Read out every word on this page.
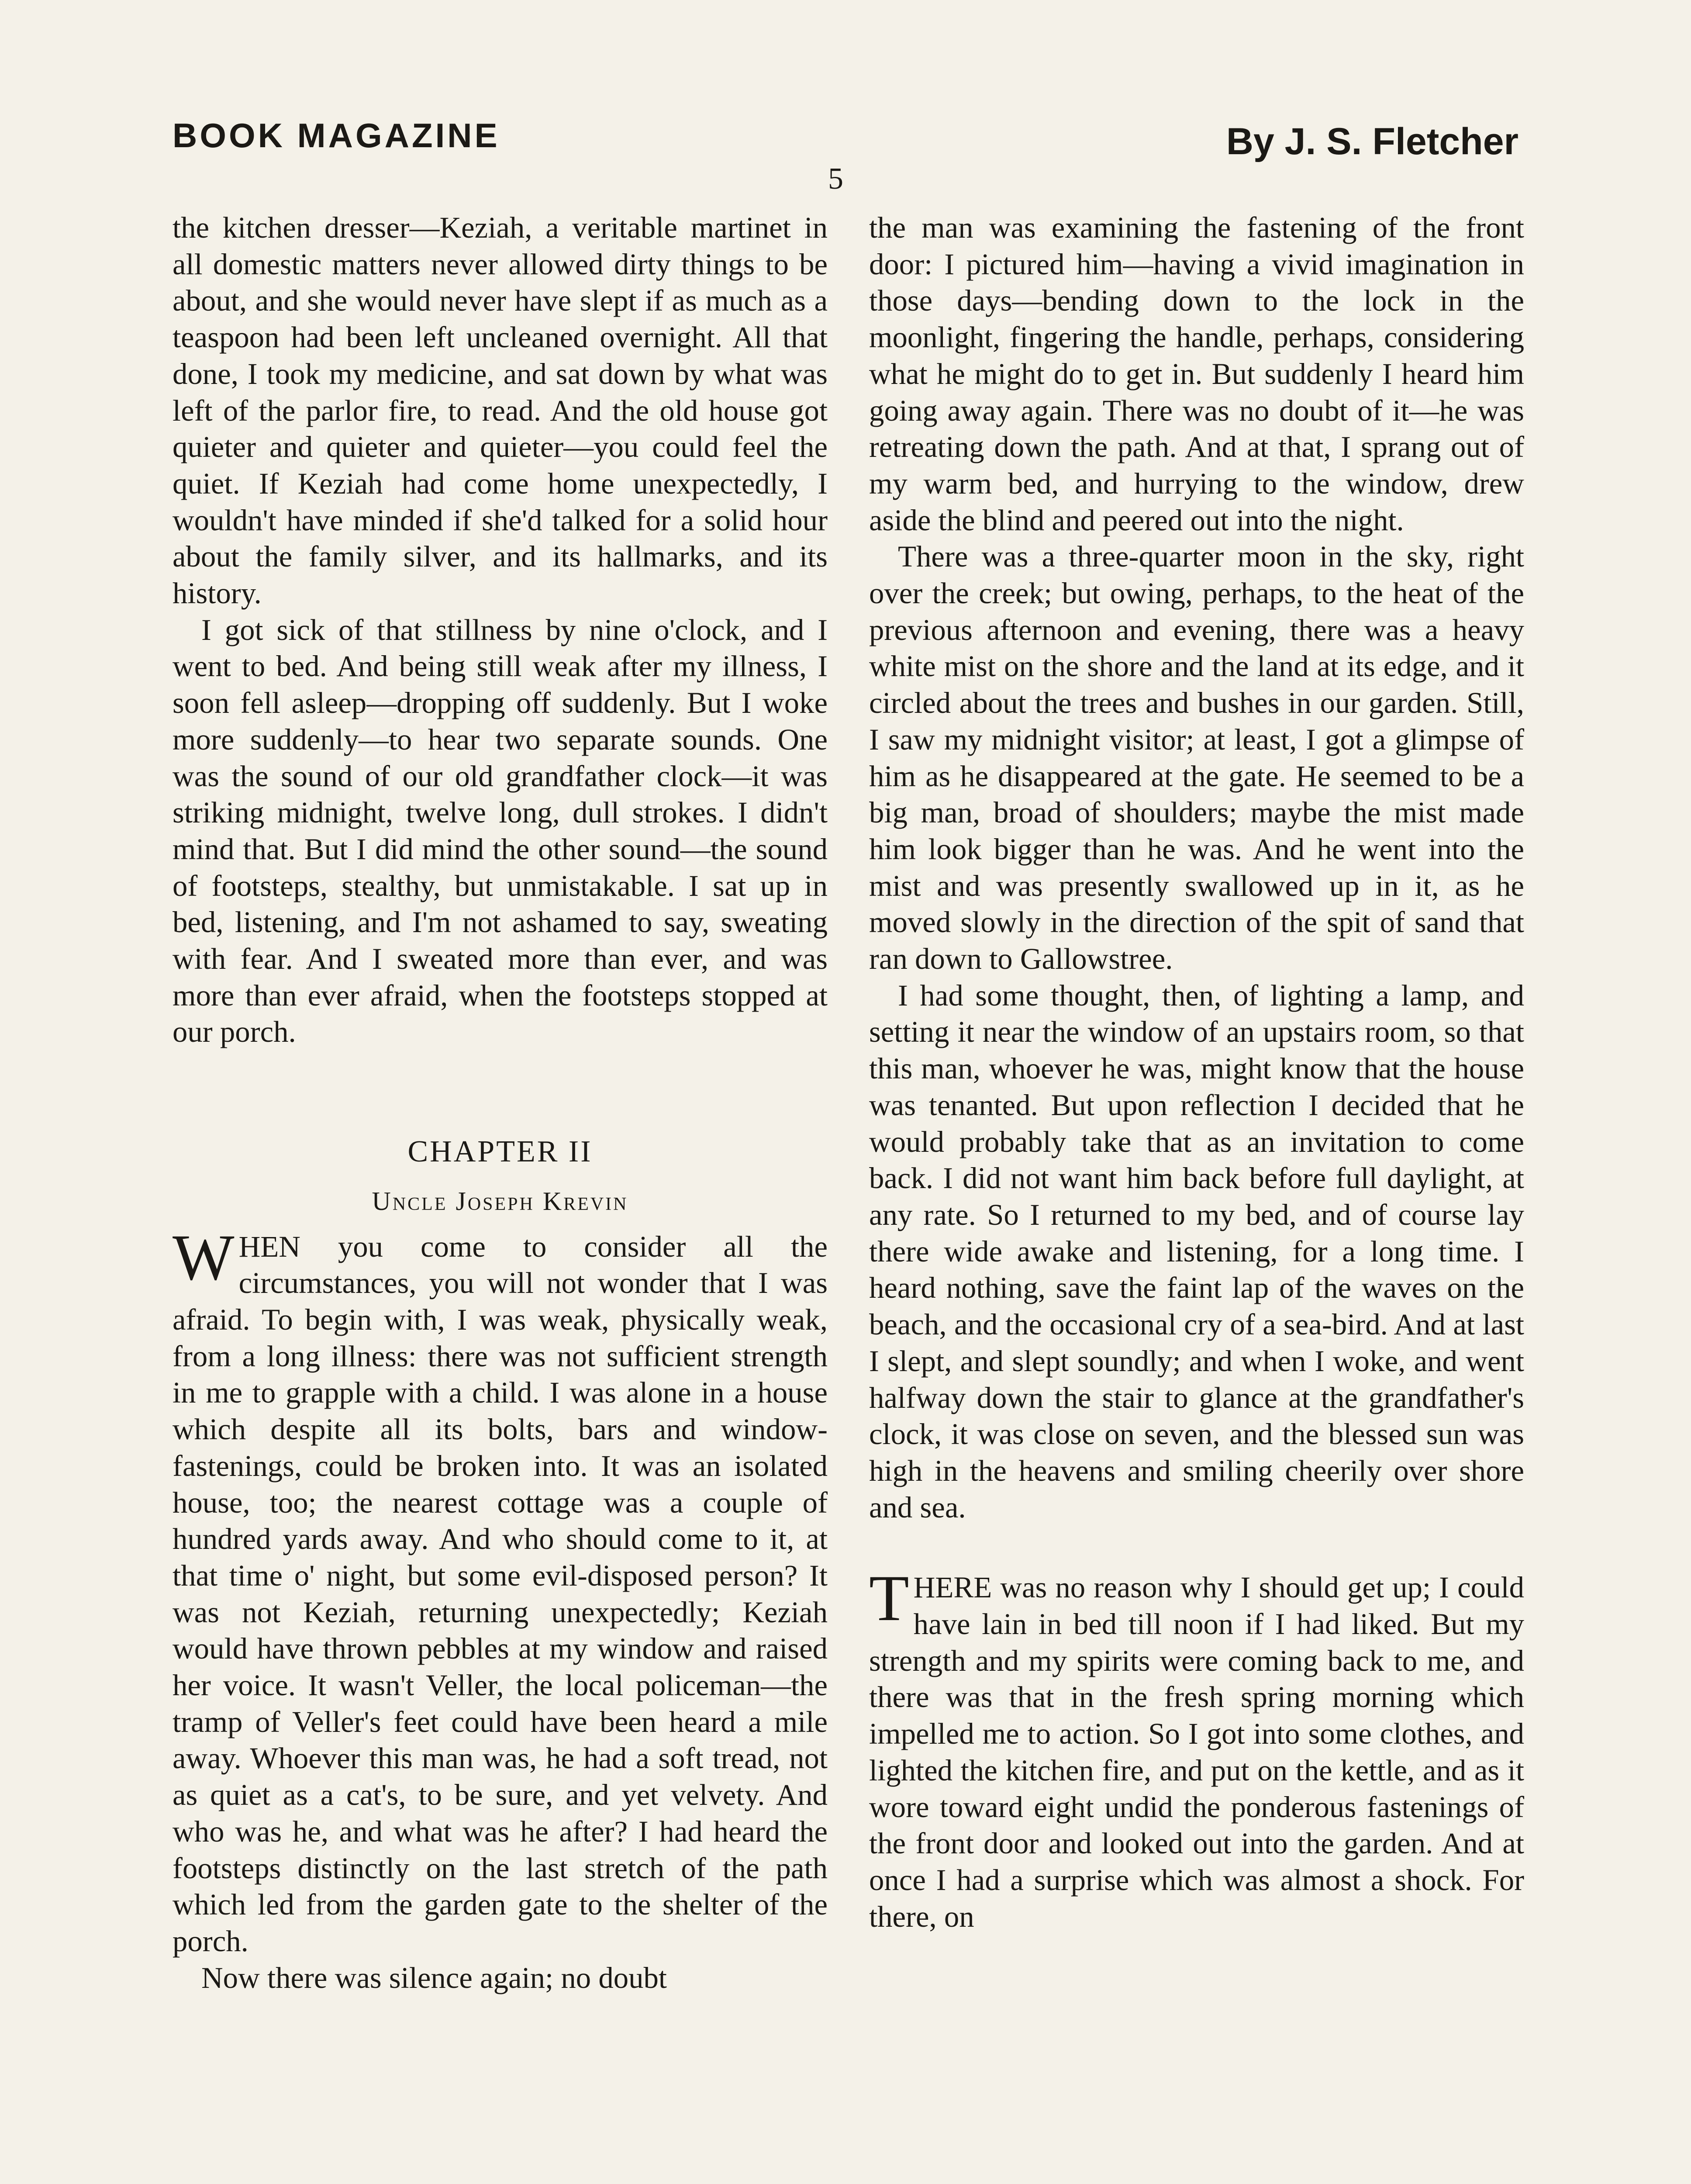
BOOK MAGAZINE	By J. S. Fletcher
5

the kitchen dresser—Keziah, a veritable martinet in all domestic matters never allowed dirty things to be about, and she would never have slept if as much as a teaspoon had been left uncleaned overnight. All that done, I took my medicine, and sat down by what was left of the parlor fire, to read. And the old house got quieter and quieter and quieter—you could feel the quiet. If Keziah had come home unexpectedly, I wouldn't have minded if she'd talked for a solid hour about the family silver, and its hallmarks, and its history.

I got sick of that stillness by nine o'clock, and I went to bed. And being still weak after my illness, I soon fell asleep—dropping off suddenly. But I woke more suddenly—to hear two separate sounds. One was the sound of our old grandfather clock—it was striking midnight, twelve long, dull strokes. I didn't mind that. But I did mind the other sound—the sound of footsteps, stealthy, but unmistakable. I sat up in bed, listening, and I'm not ashamed to say, sweating with fear. And I sweated more than ever, and was more than ever afraid, when the footsteps stopped at our porch.

CHAPTER II
Uncle Joseph Krevin

WHEN you come to consider all the circumstances, you will not wonder that I was afraid. To begin with, I was weak, physically weak, from a long illness: there was not sufficient strength in me to grapple with a child. I was alone in a house which despite all its bolts, bars and window-fastenings, could be broken into. It was an isolated house, too; the nearest cottage was a couple of hundred yards away. And who should come to it, at that time o' night, but some evil-disposed person? It was not Keziah, returning unexpectedly; Keziah would have thrown pebbles at my window and raised her voice. It wasn't Veller, the local policeman—the tramp of Veller's feet could have been heard a mile away. Whoever this man was, he had a soft tread, not as quiet as a cat's, to be sure, and yet velvety. And who was he, and what was he after? I had heard the footsteps distinctly on the last stretch of the path which led from the garden gate to the shelter of the porch.

Now there was silence again; no doubt

the man was examining the fastening of the front door: I pictured him—having a vivid imagination in those days—bending down to the lock in the moonlight, fingering the handle, perhaps, considering what he might do to get in. But suddenly I heard him going away again. There was no doubt of it—he was retreating down the path. And at that, I sprang out of my warm bed, and hurrying to the window, drew aside the blind and peered out into the night.

There was a three-quarter moon in the sky, right over the creek; but owing, perhaps, to the heat of the previous afternoon and evening, there was a heavy white mist on the shore and the land at its edge, and it circled about the trees and bushes in our garden. Still, I saw my midnight visitor; at least, I got a glimpse of him as he disappeared at the gate. He seemed to be a big man, broad of shoulders; maybe the mist made him look bigger than he was. And he went into the mist and was presently swallowed up in it, as he moved slowly in the direction of the spit of sand that ran down to Gallowstree.

I had some thought, then, of lighting a lamp, and setting it near the window of an upstairs room, so that this man, whoever he was, might know that the house was tenanted. But upon reflection I decided that he would probably take that as an invitation to come back. I did not want him back before full daylight, at any rate. So I returned to my bed, and of course lay there wide awake and listening, for a long time. I heard nothing, save the faint lap of the waves on the beach, and the occasional cry of a sea-bird. And at last I slept, and slept soundly; and when I woke, and went halfway down the stair to glance at the grandfather's clock, it was close on seven, and the blessed sun was high in the heavens and smiling cheerily over shore and sea.

THERE was no reason why I should get up; I could have lain in bed till noon if I had liked. But my strength and my spirits were coming back to me, and there was that in the fresh spring morning which impelled me to action. So I got into some clothes, and lighted the kitchen fire, and put on the kettle, and as it wore toward eight undid the ponderous fastenings of the front door and looked out into the garden. And at once I had a surprise which was almost a shock. For there, on
